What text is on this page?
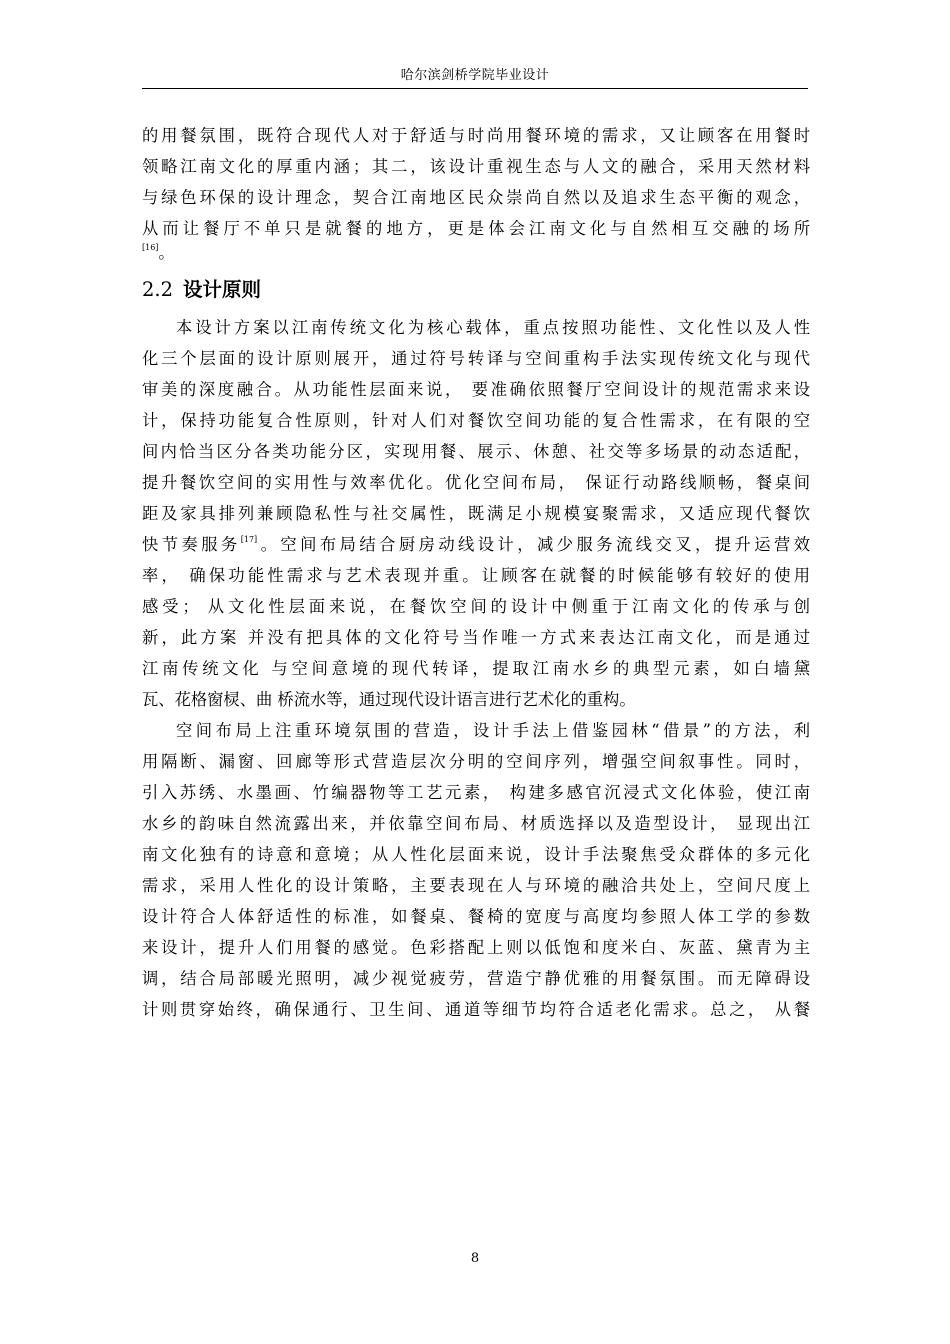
哈尔滨剑桥学院毕业设计
的用餐氛围，既符合现代人对于舒适与时尚用餐环境的需求，又让顾客在用餐时
领略江南文化的厚重内涵；其二，该设计重视生态与人文的融合，采用天然材料
与绿色环保的设计理念，契合江南地区民众崇尚自然以及追求生态平衡的观念，
从而让餐厅不单只是就餐的地方，更是体会江南文化与自然相互交融的场所
[16]。
2.2 设计原则
本设计方案以江南传统文化为核心载体，重点按照功能性、文化性以及人性
化三个层面的设计原则展开，通过符号转译与空间重构手法实现传统文化与现代
审美的深度融合。从功能性层面来说， 要准确依照餐厅空间设计的规范需求来设
计，保持功能复合性原则，针对人们对餐饮空间功能的复合性需求，在有限的空
间内恰当区分各类功能分区，实现用餐、展示、休憩、社交等多场景的动态适配，
提升餐饮空间的实用性与效率优化。优化空间布局， 保证行动路线顺畅，餐桌间
距及家具排列兼顾隐私性与社交属性，既满足小规模宴聚需求，又适应现代餐饮
快节奏服务[17]。空间布局结合厨房动线设计，减少服务流线交叉，提升运营效
率， 确保功能性需求与艺术表现并重。让顾客在就餐的时候能够有较好的使用
感受； 从文化性层面来说，在餐饮空间的设计中侧重于江南文化的传承与创
新，此方案 并没有把具体的文化符号当作唯一方式来表达江南文化，而是通过
江南传统文化 与空间意境的现代转译，提取江南水乡的典型元素，如白墙黛
瓦、花格窗棂、曲 桥流水等，通过现代设计语言进行艺术化的重构。
空间布局上注重环境氛围的营造，设计手法上借鉴园林“借景”的方法，利
用隔断、漏窗、回廊等形式营造层次分明的空间序列，增强空间叙事性。同时，
引入苏绣、水墨画、竹编器物等工艺元素， 构建多感官沉浸式文化体验，使江南
水乡的韵味自然流露出来，并依靠空间布局、材质选择以及造型设计， 显现出江
南文化独有的诗意和意境；从人性化层面来说，设计手法聚焦受众群体的多元化
需求，采用人性化的设计策略，主要表现在人与环境的融洽共处上，空间尺度上
设计符合人体舒适性的标准，如餐桌、餐椅的宽度与高度均参照人体工学的参数
来设计，提升人们用餐的感觉。色彩搭配上则以低饱和度米白、灰蓝、黛青为主
调，结合局部暖光照明，减少视觉疲劳，营造宁静优雅的用餐氛围。而无障碍设
计则贯穿始终，确保通行、卫生间、通道等细节均符合适老化需求。总之， 从餐
8
